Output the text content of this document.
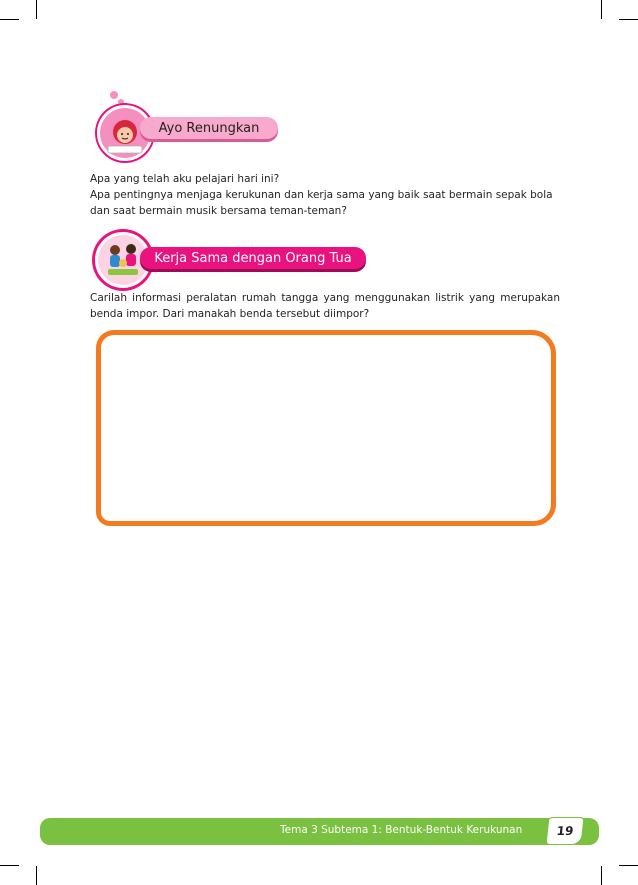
Ayo Renungkan
Apa yang telah aku pelajari hari ini?
Apa pentingnya menjaga kerukunan dan kerja sama yang baik saat bermain sepak bola dan saat bermain musik bersama teman-teman?
Kerja Sama dengan Orang Tua

Carilah informasi peralatan rumah tangga yang menggunakan listrik yang merupakan benda impor. Dari manakah benda tersebut diimpor?

Tema 3 Subtema 1: Bentuk-Bentuk Kerukunan	19
